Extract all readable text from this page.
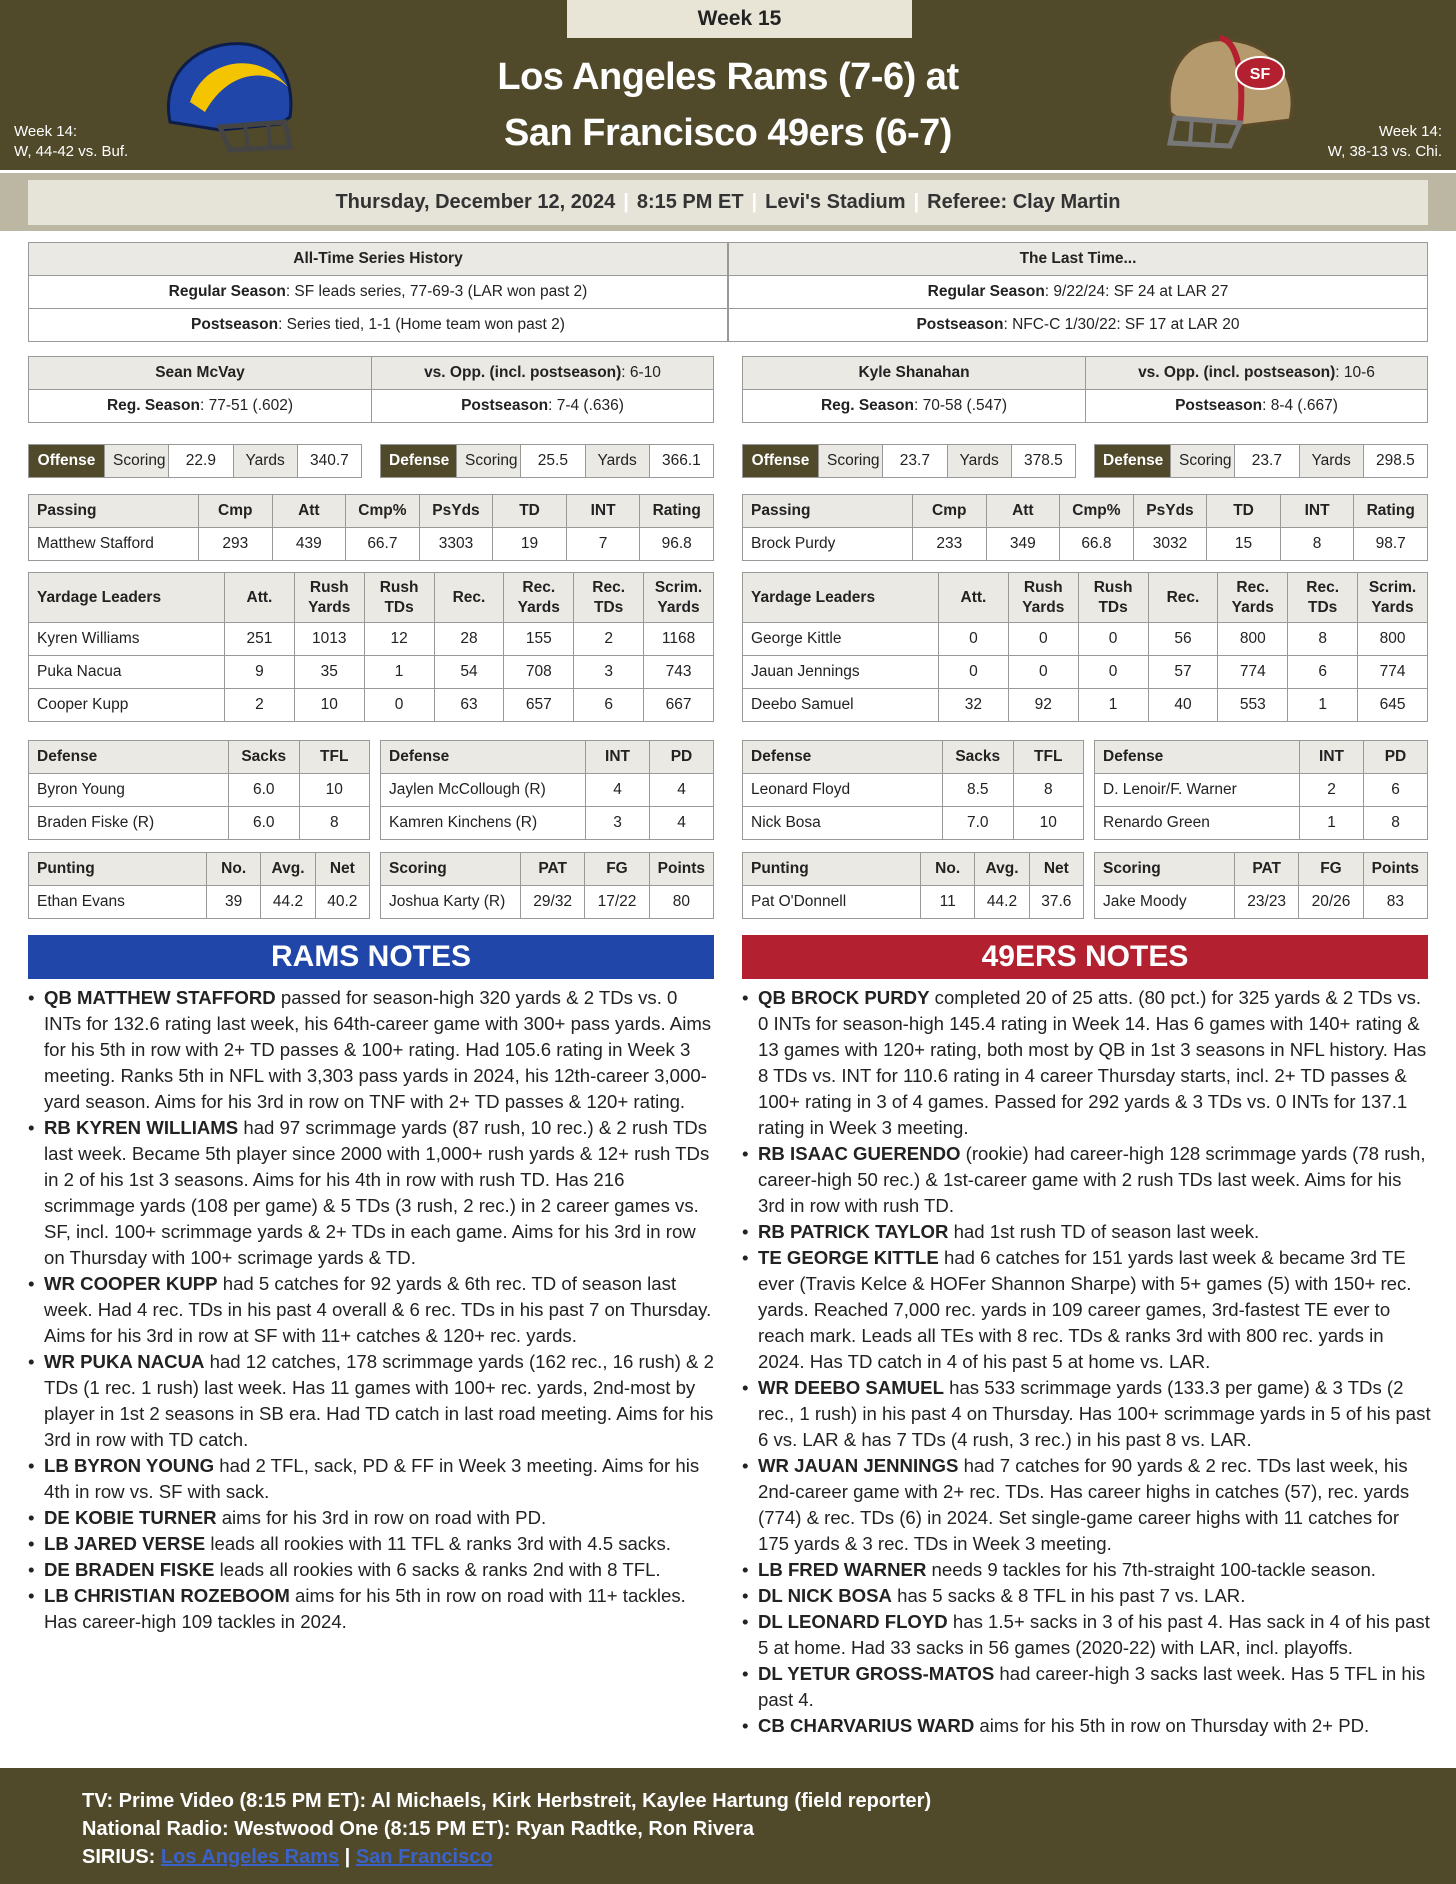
Week 15
Los Angeles Rams (7-6) at
San Francisco 49ers (6-7)
Week 14:
W, 44-42 vs. Buf.
Week 14:
W, 38-13 vs. Chi.
SF
Thursday, December 12, 2024 | 8:15 PM ET | Levi's Stadium | Referee: Clay Martin
All-Time Series History
Regular Season: SF leads series, 77-69-3 (LAR won past 2)
Postseason: Series tied, 1-1 (Home team won past 2)
The Last Time...
Regular Season: 9/22/24: SF 24 at LAR 27
Postseason: NFC-C 1/30/22: SF 17 at LAR 20
Sean McVay	vs. Opp. (incl. postseason): 6-10
Reg. Season: 77-51 (.602)	Postseason: 7-4 (.636)
Offense	Scoring	22.9	Yards	340.7	Defense	Scoring	25.5	Yards	366.1
Passing	Cmp	Att	Cmp%	PsYds	TD	INT	Rating
Matthew Stafford	293	439	66.7	3303	19	7	96.8
Yardage Leaders	Att.	Rush Yards	Rush TDs	Rec.	Rec. Yards	Rec. TDs	Scrim. Yards
Kyren Williams	251	1013	12	28	155	2	1168
Puka Nacua	9	35	1	54	708	3	743
Cooper Kupp	2	10	0	63	657	6	667
Defense	Sacks	TFL
Byron Young	6.0	10
Braden Fiske (R)	6.0	8
Defense	INT	PD
Jaylen McCollough (R)	4	4
Kamren Kinchens (R)	3	4
Punting	No.	Avg.	Net
Ethan Evans	39	44.2	40.2
Scoring	PAT	FG	Points
Joshua Karty (R)	29/32	17/22	80
Kyle Shanahan	vs. Opp. (incl. postseason): 10-6
Reg. Season: 70-58 (.547)	Postseason: 8-4 (.667)
Offense	Scoring	23.7	Yards	378.5	Defense	Scoring	23.7	Yards	298.5
Passing	Cmp	Att	Cmp%	PsYds	TD	INT	Rating
Brock Purdy	233	349	66.8	3032	15	8	98.7
Yardage Leaders	Att.	Rush Yards	Rush TDs	Rec.	Rec. Yards	Rec. TDs	Scrim. Yards
George Kittle	0	0	0	56	800	8	800
Jauan Jennings	0	0	0	57	774	6	774
Deebo Samuel	32	92	1	40	553	1	645
Defense	Sacks	TFL
Leonard Floyd	8.5	8
Nick Bosa	7.0	10
Defense	INT	PD
D. Lenoir/F. Warner	2	6
Renardo Green	1	8
Punting	No.	Avg.	Net
Pat O'Donnell	11	44.2	37.6
Scoring	PAT	FG	Points
Jake Moody	23/23	20/26	83
RAMS NOTES	49ERS NOTES
• QB MATTHEW STAFFORD passed for season-high 320 yards & 2 TDs vs. 0 INTs for 132.6 rating last week, his 64th-career game with 300+ pass yards. Aims for his 5th in row with 2+ TD passes & 100+ rating. Had 105.6 rating in Week 3 meeting. Ranks 5th in NFL with 3,303 pass yards in 2024, his 12th-career 3,000-yard season. Aims for his 3rd in row on TNF with 2+ TD passes & 120+ rating.
• RB KYREN WILLIAMS had 97 scrimmage yards (87 rush, 10 rec.) & 2 rush TDs last week. Became 5th player since 2000 with 1,000+ rush yards & 12+ rush TDs in 2 of his 1st 3 seasons. Aims for his 4th in row with rush TD. Has 216 scrimmage yards (108 per game) & 5 TDs (3 rush, 2 rec.) in 2 career games vs. SF, incl. 100+ scrimmage yards & 2+ TDs in each game. Aims for his 3rd in row on Thursday with 100+ scrimage yards & TD.
• WR COOPER KUPP had 5 catches for 92 yards & 6th rec. TD of season last week. Had 4 rec. TDs in his past 4 overall & 6 rec. TDs in his past 7 on Thursday. Aims for his 3rd in row at SF with 11+ catches & 120+ rec. yards.
• WR PUKA NACUA had 12 catches, 178 scrimmage yards (162 rec., 16 rush) & 2 TDs (1 rec. 1 rush) last week. Has 11 games with 100+ rec. yards, 2nd-most by player in 1st 2 seasons in SB era. Had TD catch in last road meeting. Aims for his 3rd in row with TD catch.
• LB BYRON YOUNG had 2 TFL, sack, PD & FF in Week 3 meeting. Aims for his 4th in row vs. SF with sack.
• DE KOBIE TURNER aims for his 3rd in row on road with PD.
• LB JARED VERSE leads all rookies with 11 TFL & ranks 3rd with 4.5 sacks.
• DE BRADEN FISKE leads all rookies with 6 sacks & ranks 2nd with 8 TFL.
• LB CHRISTIAN ROZEBOOM aims for his 5th in row on road with 11+ tackles. Has career-high 109 tackles in 2024.
• QB BROCK PURDY completed 20 of 25 atts. (80 pct.) for 325 yards & 2 TDs vs. 0 INTs for season-high 145.4 rating in Week 14. Has 6 games with 140+ rating & 13 games with 120+ rating, both most by QB in 1st 3 seasons in NFL history. Has 8 TDs vs. INT for 110.6 rating in 4 career Thursday starts, incl. 2+ TD passes & 100+ rating in 3 of 4 games. Passed for 292 yards & 3 TDs vs. 0 INTs for 137.1 rating in Week 3 meeting.
• RB ISAAC GUERENDO (rookie) had career-high 128 scrimmage yards (78 rush, career-high 50 rec.) & 1st-career game with 2 rush TDs last week. Aims for his 3rd in row with rush TD.
• RB PATRICK TAYLOR had 1st rush TD of season last week.
• TE GEORGE KITTLE had 6 catches for 151 yards last week & became 3rd TE ever (Travis Kelce & HOFer Shannon Sharpe) with 5+ games (5) with 150+ rec. yards. Reached 7,000 rec. yards in 109 career games, 3rd-fastest TE ever to reach mark. Leads all TEs with 8 rec. TDs & ranks 3rd with 800 rec. yards in 2024. Has TD catch in 4 of his past 5 at home vs. LAR.
• WR DEEBO SAMUEL has 533 scrimmage yards (133.3 per game) & 3 TDs (2 rec., 1 rush) in his past 4 on Thursday. Has 100+ scrimmage yards in 5 of his past 6 vs. LAR & has 7 TDs (4 rush, 3 rec.) in his past 8 vs. LAR.
• WR JAUAN JENNINGS had 7 catches for 90 yards & 2 rec. TDs last week, his 2nd-career game with 2+ rec. TDs. Has career highs in catches (57), rec. yards (774) & rec. TDs (6) in 2024. Set single-game career highs with 11 catches for 175 yards & 3 rec. TDs in Week 3 meeting.
• LB FRED WARNER needs 9 tackles for his 7th-straight 100-tackle season.
• DL NICK BOSA has 5 sacks & 8 TFL in his past 7 vs. LAR.
• DL LEONARD FLOYD has 1.5+ sacks in 3 of his past 4. Has sack in 4 of his past 5 at home. Had 33 sacks in 56 games (2020-22) with LAR, incl. playoffs.
• DL YETUR GROSS-MATOS had career-high 3 sacks last week. Has 5 TFL in his past 4.
• CB CHARVARIUS WARD aims for his 5th in row on Thursday with 2+ PD.
TV: Prime Video (8:15 PM ET): Al Michaels, Kirk Herbstreit, Kaylee Hartung (field reporter)
National Radio: Westwood One (8:15 PM ET): Ryan Radtke, Ron Rivera
SIRIUS: Los Angeles Rams | San Francisco
